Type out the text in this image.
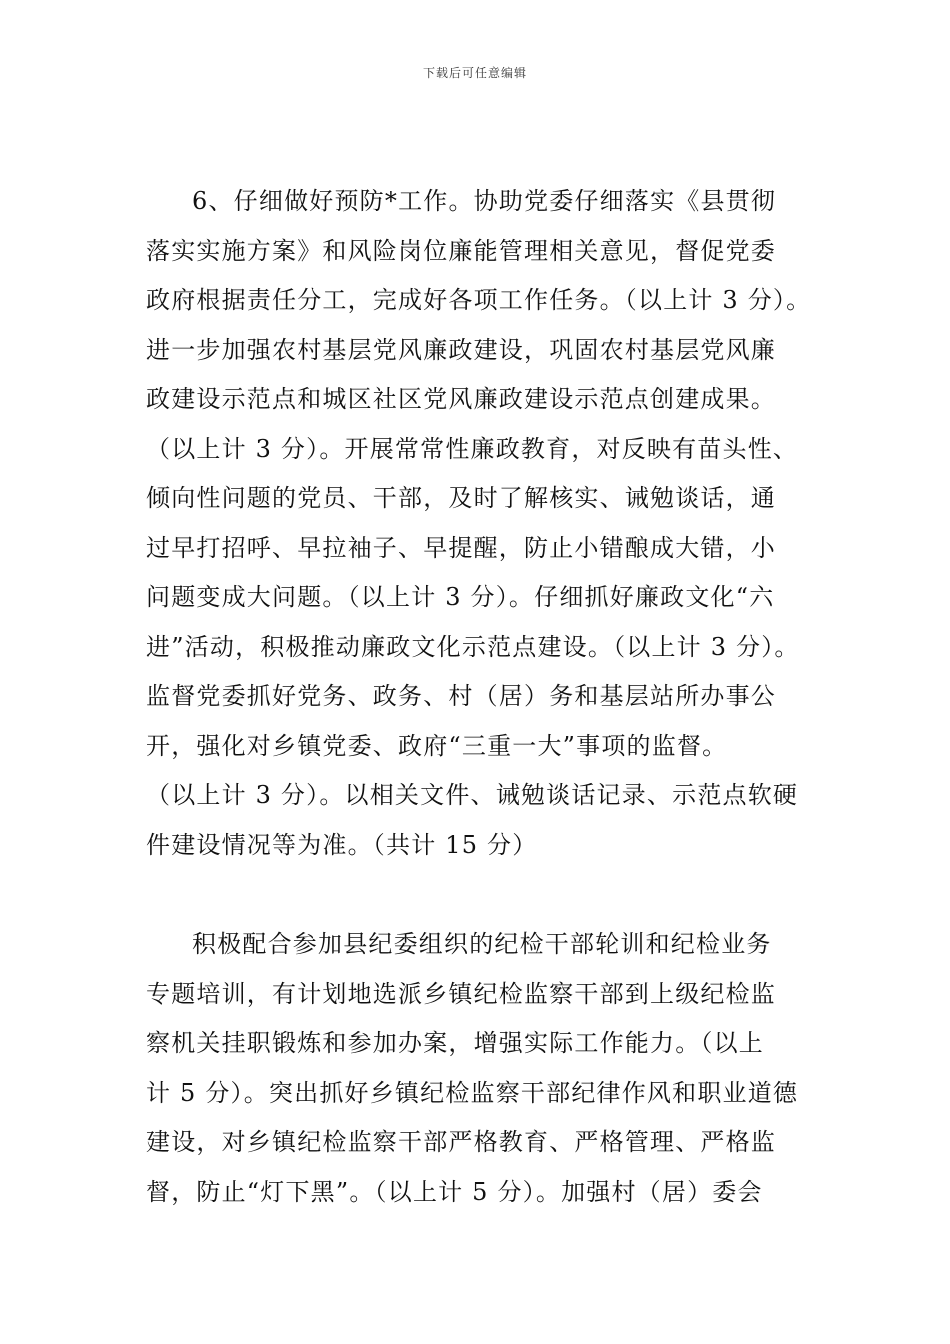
下载后可任意编辑
6、仔细做好预防*工作。协助党委仔细落实《县贯彻
落实实施方案》和风险岗位廉能管理相关意见，督促党委
政府根据责任分工，完成好各项工作任务。（以上计 3 分）。
进一步加强农村基层党风廉政建设，巩固农村基层党风廉
政建设示范点和城区社区党风廉政建设示范点创建成果。
（以上计 3 分）。开展常常性廉政教育，对反映有苗头性、
倾向性问题的党员、干部，及时了解核实、诫勉谈话，通
过早打招呼、早拉袖子、早提醒，防止小错酿成大错，小
问题变成大问题。（以上计 3 分）。仔细抓好廉政文化“六
进”活动，积极推动廉政文化示范点建设。（以上计 3 分）。
监督党委抓好党务、政务、村（居）务和基层站所办事公
开，强化对乡镇党委、政府“三重一大”事项的监督。
（以上计 3 分）。以相关文件、诫勉谈话记录、示范点软硬
件建设情况等为准。（共计 15 分）
积极配合参加县纪委组织的纪检干部轮训和纪检业务
专题培训，有计划地选派乡镇纪检监察干部到上级纪检监
察机关挂职锻炼和参加办案，增强实际工作能力。（以上
计 5 分）。突出抓好乡镇纪检监察干部纪律作风和职业道德
建设，对乡镇纪检监察干部严格教育、严格管理、严格监
督，防止“灯下黑”。（以上计 5 分）。加强村（居）委会
